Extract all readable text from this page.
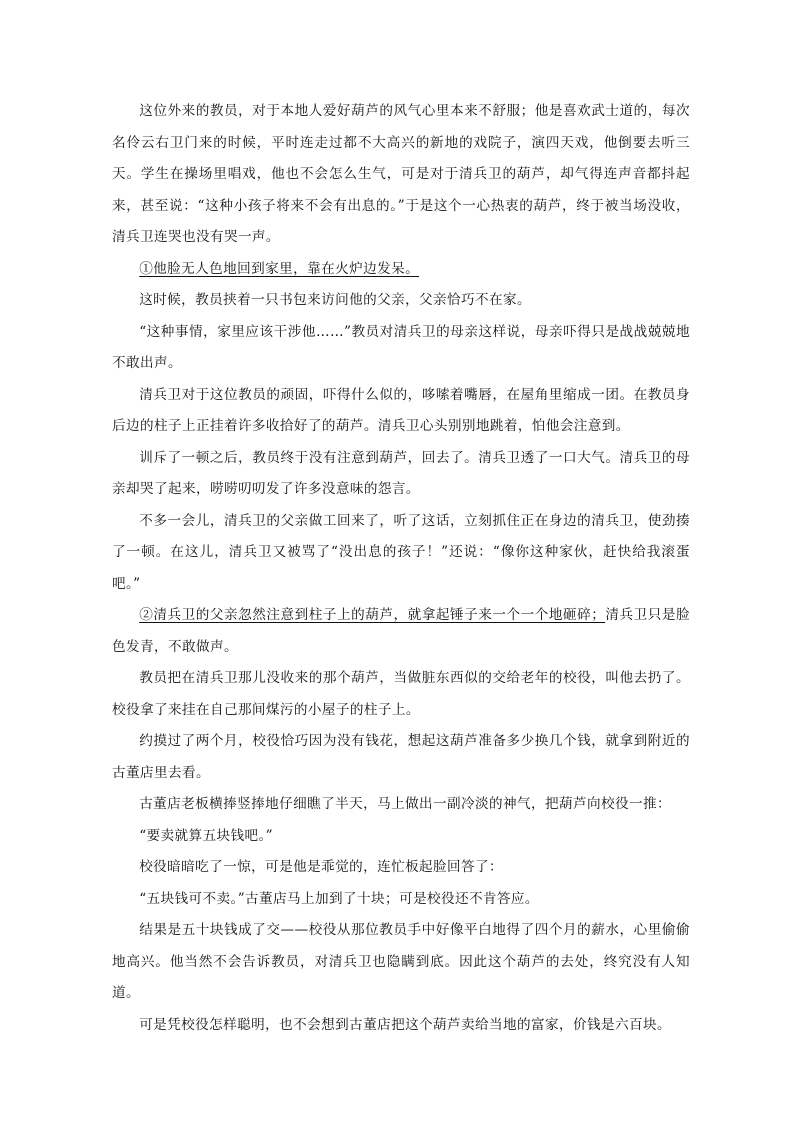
这位外来的教员，对于本地人爱好葫芦的风气心里本来不舒服；他是喜欢武士道的，每次名伶云右卫门来的时候，平时连走过都不大高兴的新地的戏院子，演四天戏，他倒要去听三天。学生在操场里唱戏，他也不会怎么生气，可是对于清兵卫的葫芦，却气得连声音都抖起来，甚至说：“这种小孩子将来不会有出息的。”于是这个一心热衷的葫芦，终于被当场没收，清兵卫连哭也没有哭一声。

①他脸无人色地回到家里，靠在火炉边发呆。

这时候，教员挟着一只书包来访问他的父亲，父亲恰巧不在家。

“这种事情，家里应该干涉他……”教员对清兵卫的母亲这样说，母亲吓得只是战战兢兢地不敢出声。

清兵卫对于这位教员的顽固，吓得什么似的，哆嗦着嘴唇，在屋角里缩成一团。在教员身后边的柱子上正挂着许多收拾好了的葫芦。清兵卫心头别别地跳着，怕他会注意到。

训斥了一顿之后，教员终于没有注意到葫芦，回去了。清兵卫透了一口大气。清兵卫的母亲却哭了起来，唠唠叨叨发了许多没意味的怨言。

不多一会儿，清兵卫的父亲做工回来了，听了这话，立刻抓住正在身边的清兵卫，使劲揍了一顿。在这儿，清兵卫又被骂了“没出息的孩子！”还说：“像你这种家伙，赶快给我滚蛋吧。”

②清兵卫的父亲忽然注意到柱子上的葫芦，就拿起锤子来一个一个地砸碎；清兵卫只是脸色发青，不敢做声。

教员把在清兵卫那儿没收来的那个葫芦，当做脏东西似的交给老年的校役，叫他去扔了。校役拿了来挂在自己那间煤污的小屋子的柱子上。

约摸过了两个月，校役恰巧因为没有钱花，想起这葫芦准备多少换几个钱，就拿到附近的古董店里去看。

古董店老板横捧竖捧地仔细瞧了半天，马上做出一副冷淡的神气，把葫芦向校役一推：

“要卖就算五块钱吧。”

校役暗暗吃了一惊，可是他是乖觉的，连忙板起脸回答了：

“五块钱可不卖。”古董店马上加到了十块；可是校役还不肯答应。

结果是五十块钱成了交——校役从那位教员手中好像平白地得了四个月的薪水，心里偷偷地高兴。他当然不会告诉教员，对清兵卫也隐瞒到底。因此这个葫芦的去处，终究没有人知道。

可是凭校役怎样聪明，也不会想到古董店把这个葫芦卖给当地的富家，价钱是六百块。
